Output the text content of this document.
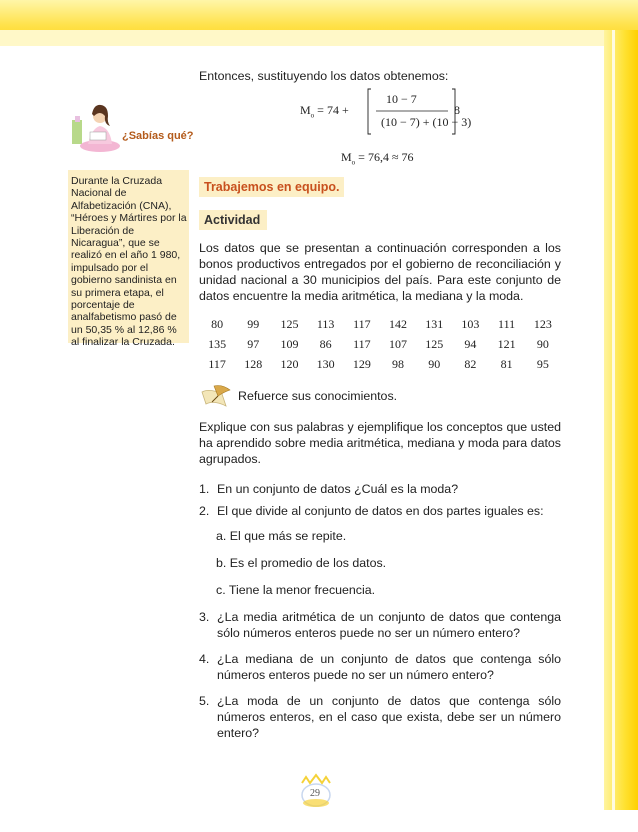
Entonces, sustituyendo los datos obtenemos:
$M_o = 74$ +
10 − 7
(10 − 7) + (10 − 3)
8
$M_o = 76,4 \approx 76$
¿Sabías qué?
Durante la Cruzada Nacional de Alfabetización (CNA), “Héroes y Mártires por la Liberación de Nicaragua”, que se realizó en el año 1 980, impulsado por el gobierno sandinista en su primera etapa, el porcentaje de analfabetismo pasó de un 50,35 % al 12,86 % al finalizar la Cruzada.
Trabajemos en equipo.
Actividad
Los datos que se presentan a continuación corresponden a los bonos productivos entregados por el gobierno de reconciliación y unidad nacional a 30 municipios del país. Para este conjunto de datos encuentre la media aritmética, la mediana y la moda.
80	99	125	113	117	142	131	103	111	123
135	97	109	86	117	107	125	94	121	90
117	128	120	130	129	98	90	82	81	95
Refuerce sus conocimientos.
Explique con sus palabras y ejemplifique los conceptos que usted ha aprendido sobre media aritmética, mediana y moda para datos agrupados.
1. En un conjunto de datos ¿Cuál es la moda?
2. El que divide al conjunto de datos en dos partes iguales es:
a. El que más se repite.
b. Es el promedio de los datos.
c. Tiene la menor frecuencia.
3. ¿La media aritmética de un conjunto de datos que contenga sólo números enteros puede no ser un número entero?
4. ¿La mediana de un conjunto de datos que contenga sólo números enteros puede no ser un número entero?
5. ¿La moda de un conjunto de datos que contenga sólo números enteros, en el caso que exista, debe ser un número entero?
29
